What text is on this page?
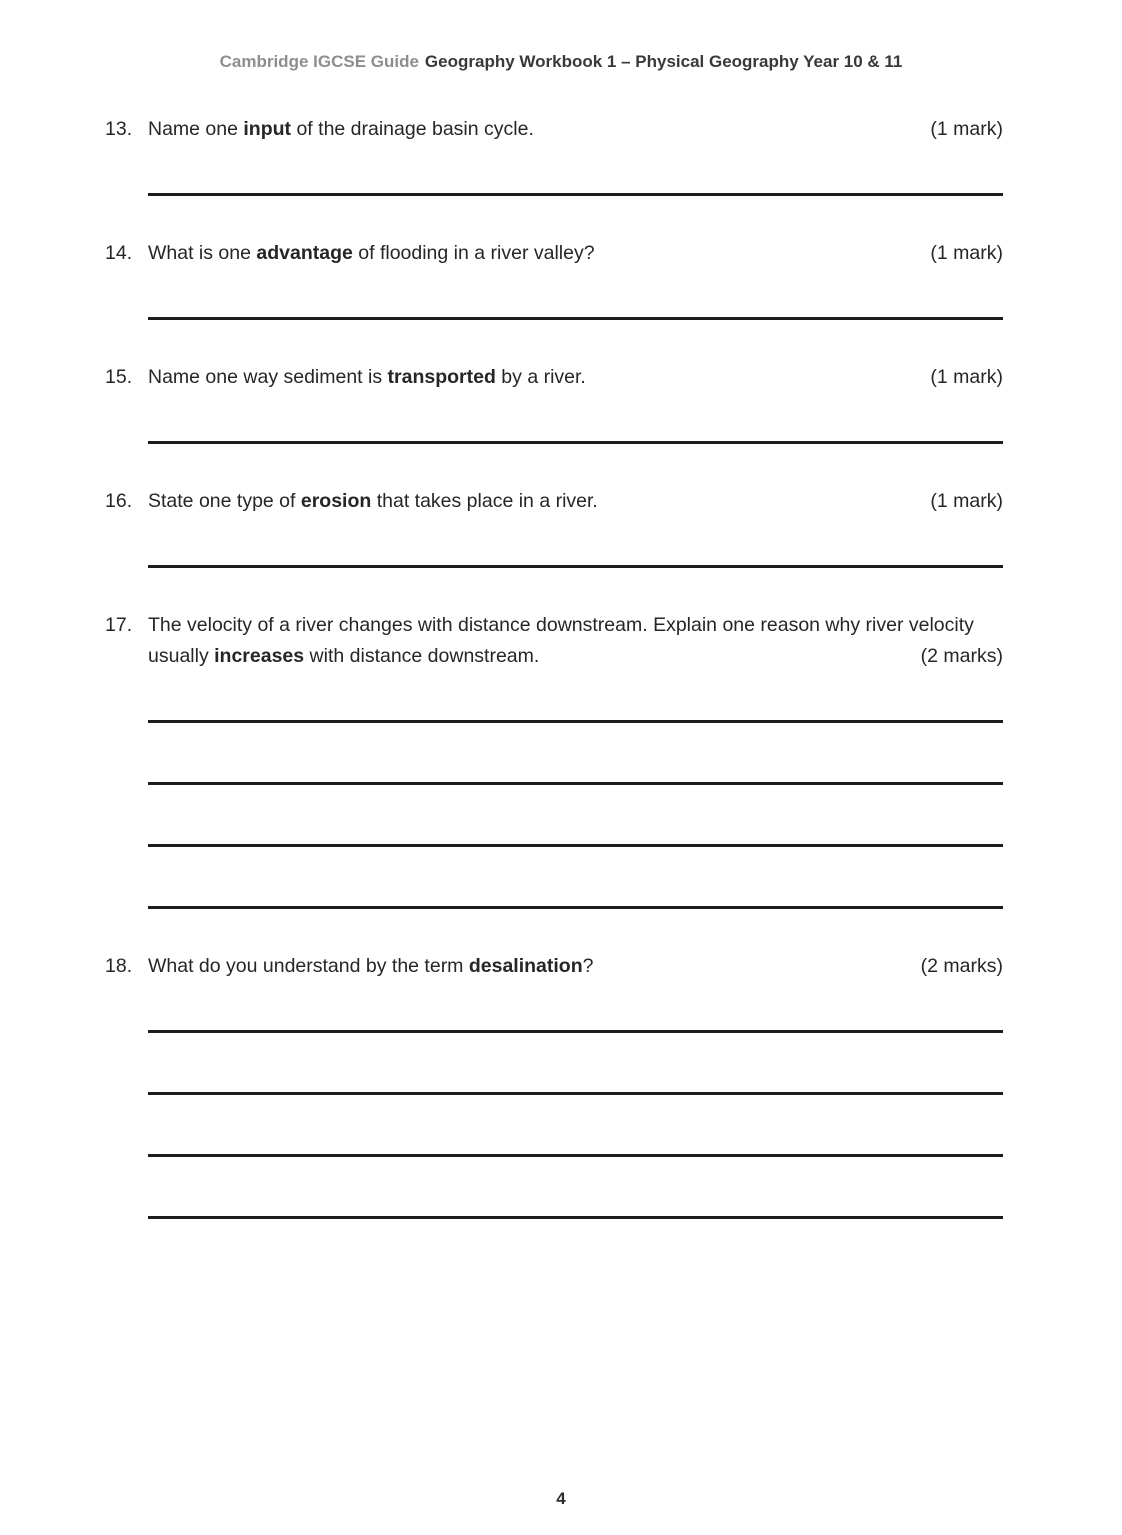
Cambridge IGCSE Guide Geography Workbook 1 – Physical Geography Year 10 & 11
13. Name one input of the drainage basin cycle.	(1 mark)
14. What is one advantage of flooding in a river valley?	(1 mark)
15. Name one way sediment is transported by a river.	(1 mark)
16. State one type of erosion that takes place in a river.	(1 mark)
17. The velocity of a river changes with distance downstream. Explain one reason why river velocity usually increases with distance downstream.	(2 marks)
18. What do you understand by the term desalination?	(2 marks)
4
